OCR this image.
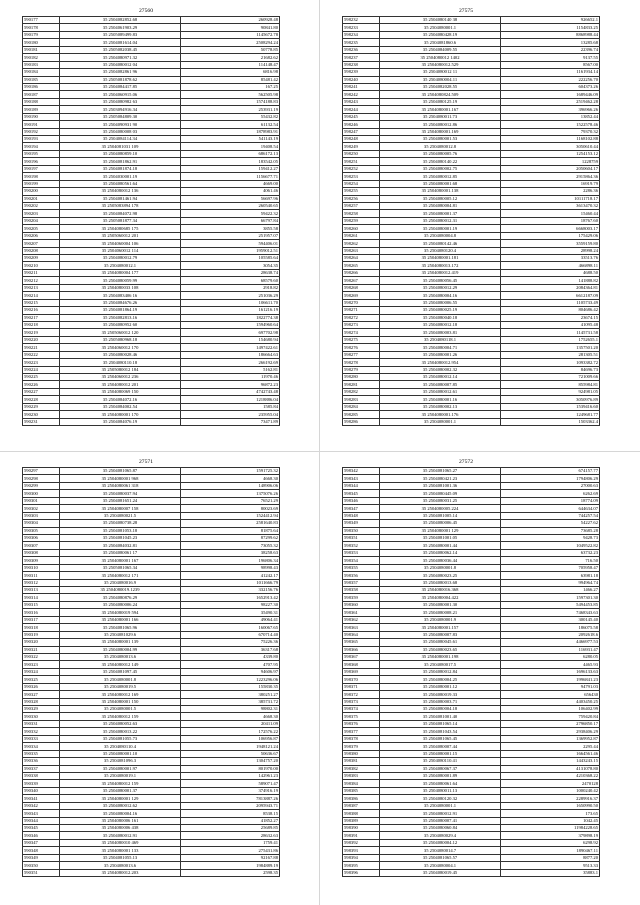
27560
590177	35 2504082852.68	260928.48
590178	35 2504061903.29	90841.80
590179	35 2505089499.83	1145672.78
590180	35 2504081614.04	2508294.24
590181	35 2505082038.45	50778.85
590182	35 2504080971.32	21682.62
590183	35 2504080012 04	114148.47
590184	35 2504082861 96	6816.98
590185	35 2505081878.62	85481.42
590186	35 2504084417.85	167.25
590187	35 2504060915.06	562505.98
590188	35 2504080982 63	1574188.83
590189	35 2503094916.34	253931.19
590190	35 2505084809.30	55432.82
590191	35 2504090931 90	61132.54
590192	35 2504080008 03	1878983.91
590193	35 2504084114.34	541143.19
590194	35 2504081031 109	19408.54
590195	35 2504080859.10	686172.13
590196	35 2504081862.91	183542.05
590197	35 2504081874.18	159412.27
590198	35 2504030001.19	1156677.71
590199	35 2504080561.64	4669.00
590200	35 2504080012 136	4061.46
590201	35 2504081461.94	56697.96
590202	35 2505083894 178	260540.65
590203	35 2504084072.98	59422.32
590204	35 2505081877.34	66797.84
590205	35 2504080685 175	3855.58
590206	35 2505060012 201	251957.07
590207	35 2504060004 106	594406.01
590208	35 2504060012 114	1959012.51
590209	35 2504080012.79	105585.64
590210	35 2504080012.1	3054.35
590211	35 2504080004 177	28638.74
590212	35 2504080059.99	68579.60
590213	35 2504080033 108	2918.82
590214	35 2504083406 16	251036.29
590215	35 2504084676.26	106611.70
590216	35 2504081864.19	161216.19
590217	35 2504082813.16	1822774.38
590218	35 2504080952 60	1594960.64
590219	35 2505060012 120	697702.98
590220	35 2505080968.18	154680.94
590221	35 2504060012 170	1497422.61
590222	35 2504080028.46	186664.63
590223	35 2504080110.18	266192.69
590224	35 2505080012 184	5162.81
590225	35 2504060012 236	11970.46
590226	35 2504080012 201	96872.23
590227	35 2504080069 150	4742743.48
590228	35 2504084072.16	1218886.04
590229	35 2504084002.54	1585.84
590230	35 2504080001 170	235955.04
590231	35 2504084076.19	73471.89
27575
598232	35 2504080140 38	926652.1
598233	35 2504080001.1	1154833.25
598234	35 2504080428.19	8868988.44
598235	35 2504081860.6	13285.68
598236	35 2504084009.55	22396.74
598237	35 2504080012 1402	9137.55
598238	35 2504080012.529	8567.00
598239	35 2504080012 11	1161934.14
598240	35 2504080004.11	222256.70
598241	35 2504082028.55	604373.26
598242	35 2504080824.509	1689446.09
598243	35 2504080125.19	2519462.28
598244	35 2504080001.167	396966.26
598245	35 2504080011.73	13852.44
598246	35 2504080012.86	1522578.46
598247	35 2504080001.169	79370.32
598248	35 2504080001.53	1168102.88
598249	35 2504080012.8	3050610.44
598250	35 2504080005.76	1254153.12
598251	35 2504080140.22	1228759
598252	35 2504080002.75	2050604.17
598253	35 2504080012.85	2915864.36
598254	35 2504080001.68	16919.79
598255	35 2504080001.138	2286.36
598256	35 2504080005.12	10111718.17
598257	35 2504080004.81	3613470.32
598258	35 2504080001.37	15460.44
598259	35 2504080012.31	18767.60
598260	35 2504080001.19	6668003.17
598261	35 2504080004.8	175429.06
598262	35 2504080142.46	3559159.80
598263	35 2504080120.4	28998.24
598264	35 2504080001.181	33513.76
598265	35 2504080013.172	466898.11
598266	35 2504080012.419	4688.50
598267	35 2504080056.45	141888.82
598268	35 2504080012.29	2084364.81
598269	35 2504080004.16	6612187.09
598270	35 2504080006.55	1105733.49
598271	35 2504080025.19	804686.42
598272	35 2504080040.18	23674.15
598273	35 2504080012.18	41095.48
598274	35 2504080003.81	1145731.58
598275	35 2504080118.1	1752655.1
598276	35 2504080004.71	1357501.20
598277	35 2504080001.26	281305.51
598278	35 2504080012.954	1093382.72
598279	35 2504080002.32	84696.73
598280	35 2504080012.14	721009.66
598281	35 2504080007.85	855984.81
598282	35 2504080012.61	924981.05
598283	35 2504080001.16	3050976.89
598284	35 2504080002.13	1539416.60
598285	35 2504080001.176	1249681.77
598286	35 2504080001.1	1503362.4
27571
590297	35 2504081065.87	1591725.32
590298	35 2504080001 968	4668.30
590299	35 2504080061 318	148906.06
590300	35 2504080037.94	1375076.26
590301	35 2504081651.24	76521.29
590302	35 2504080007 158	80023.69
590303	35 2504080021.5	1524412.94
590304	35 2504080738.28	2581640.83
590305	35 2504081053.18	81875.64
590306	35 2504081045.23	87299.62
590307	35 2504084032.81	73055.32
590308	35 2504080061 17	38258.63
590309	35 2504080001 167	196806.34
590310	35 2505081065.34	98998.43
590311	35 2504080012 171	41242.17
590312	35 2504080016.9	1011666.79
590313	35 2504080019.1239	332156.76
590314	35 2504080876.29	1652913.42
590315	35 2504080006.24	98227.30
590316	35 2504080019 594	35490.31
590317	35 2504080001 166	49064.41
590318	35 2504081065.96	160067.65
590319	35 2504081029.6	670714.40
590320	35 2504080001 139	75226.36
590321	35 2504080004.99	36317.68
590322	35 2504080013.6	4339.80
590323	35 2504080012 149	4707.95
590324	35 2504081097.45	94606.97
590325	35 2504080001.8	1223296.06
590326	35 2504080019.5	155830.35
590327	35 2504080012 169	380251.27
590328	35 2504080001 150	385731.72
590329	35 2504080001.5	98802.31
590330	35 2504080012 159	4668.30
590331	35 2504080052.63	20411.09
590332	35 2504080013.22	172576.22
590333	35 2504081055.73	106956.87
590334	35 2504080110.4	1948121.24
590335	35 2504080001.10	50636.67
590336	35 2504081096.3	1304757.20
590337	35 2504080001.97	801970.00
590338	35 2504080019.1	142961.23
590339	35 2504080012 159	589071.47
590340	35 2504080001.37	374916.19
590341	35 2504080001 129	7813887.26
590342	35 2504080012.62	2095943.71
590343	35 2504080004.16	8538.15
590344	35 2504080006 161	41852.27
590345	35 2504080006 438	25689.85
590346	35 2504080012.91	28632.63
590347	35 2504080010 469	1759.41
590348	35 2504080001 133	275431.86
590349	35 2504081055.13	92167.88
590350	35 2504080013.6	1984889.19
590351	35 2504080012.203	2598.35
27572
598342	35 2504081065.27	674157.77
598343	35 2504080421.23	1794806.29
598344	35 2504081001.36	27000.63
598345	35 2504080445.09	6262.69
598346	35 2504080031.25	18774.09
598347	35 2504080005.224	644634.07
598348	35 2504081005.14	744257.54
598349	35 2504080006.45	54227.62
598350	35 2504080001 129	73685.28
598351	35 2504081001.05	9428.73
598352	35 2504080001.44	1049522.82
598353	35 2504080062.14	63732.23
598354	35 2504080036.44	716.50
598355	35 2504080001.8	705958.47
598356	35 2504080023.25	63981.18
598357	35 2504080013.68	994964.74
598358	35 2504080016.368	1466.27
598359	35 2504080004.422	1597301.30
598360	35 2504080001.30	5494453.85
598361	35 2504080008.21	7468343.63
598362	35 2504080001.9	300145.40
598363	35 2504080001.157	186075.58
598364	35 2504080007.83	2092618.6
598365	35 2504080045.61	4466977.53
598366	35 2504080023.65	116931.47
598367	35 2504080001.198	6280.05
598368	35 2504080017.5	4465.93
598369	35 2504080012.84	1696133.63
598370	35 2504080004.25	1996841.23
598371	35 2504080001.12	94791.03
598372	35 2504080019.33	656430
598373	35 2504080003.71	4403450.25
598374	35 2504080004.18	106402.99
598375	35 2504081001.40	759420.84
598376	35 2504081065.14	2796850.17
598377	35 2504081043.54	2938406.29
598378	35 2504081065.45	1369952.87
598379	35 2504080007.44	2295.44
598380	35 2504080001.15	1664561.46
598381	35 2504080110.41	1443243.15
598382	35 2504080067.37	4131078.80
598383	35 2504080001.89	4210368.22
598384	35 2504080061.64	2470128
598385	35 2504080011.13	1000240.42
598386	35 2504080120.32	2289916.37
598387	35 2504080001.1	1650990.50
598388	35 2504080012.91	173.65
598389	35 2504080007.41	1042.45
598390	35 2504080060.84	11984228.65
598391	35 2504080029.4	379898.19
598392	35 2504080004.12	6298.92
598393	35 2504080014.7	1890467.11
598394	35 2504081065.57	8877.20
598395	35 2504080004.1	9513.33
598396	35 2504080019.45	35883.1
